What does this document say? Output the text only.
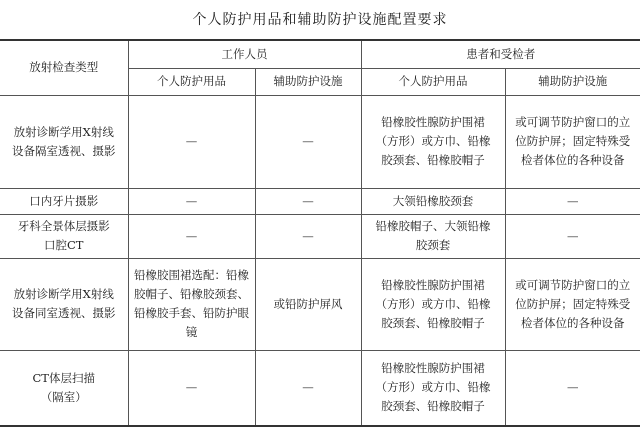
个人防护用品和辅助防护设施配置要求
放射检查类型	工作人员		患者和受检者	
	个人防护用品	辅助防护设施	个人防护用品	辅助防护设施
放射诊断学用X射线设备隔室透视、摄影	—	—	铅橡胶性腺防护围裙（方形）或方巾、铅橡胶颈套、铅橡胶帽子	或可调节防护窗口的立位防护屏；固定特殊受检者体位的各种设备
口内牙片摄影	—	—	大领铅橡胶颈套	—
牙科全景体层摄影口腔CT	—	—	铅橡胶帽子、大领铅橡胶颈套	—
放射诊断学用X射线设备同室透视、摄影	铅橡胶围裙选配：铅橡胶帽子、铅橡胶颈套、铅橡胶手套、铅防护眼镜	或铅防护屏风	铅橡胶性腺防护围裙（方形）或方巾、铅橡胶颈套、铅橡胶帽子	或可调节防护窗口的立位防护屏；固定特殊受检者体位的各种设备
CT体层扫描（隔室）	—	—	铅橡胶性腺防护围裙（方形）或方巾、铅橡胶颈套、铅橡胶帽子	—
